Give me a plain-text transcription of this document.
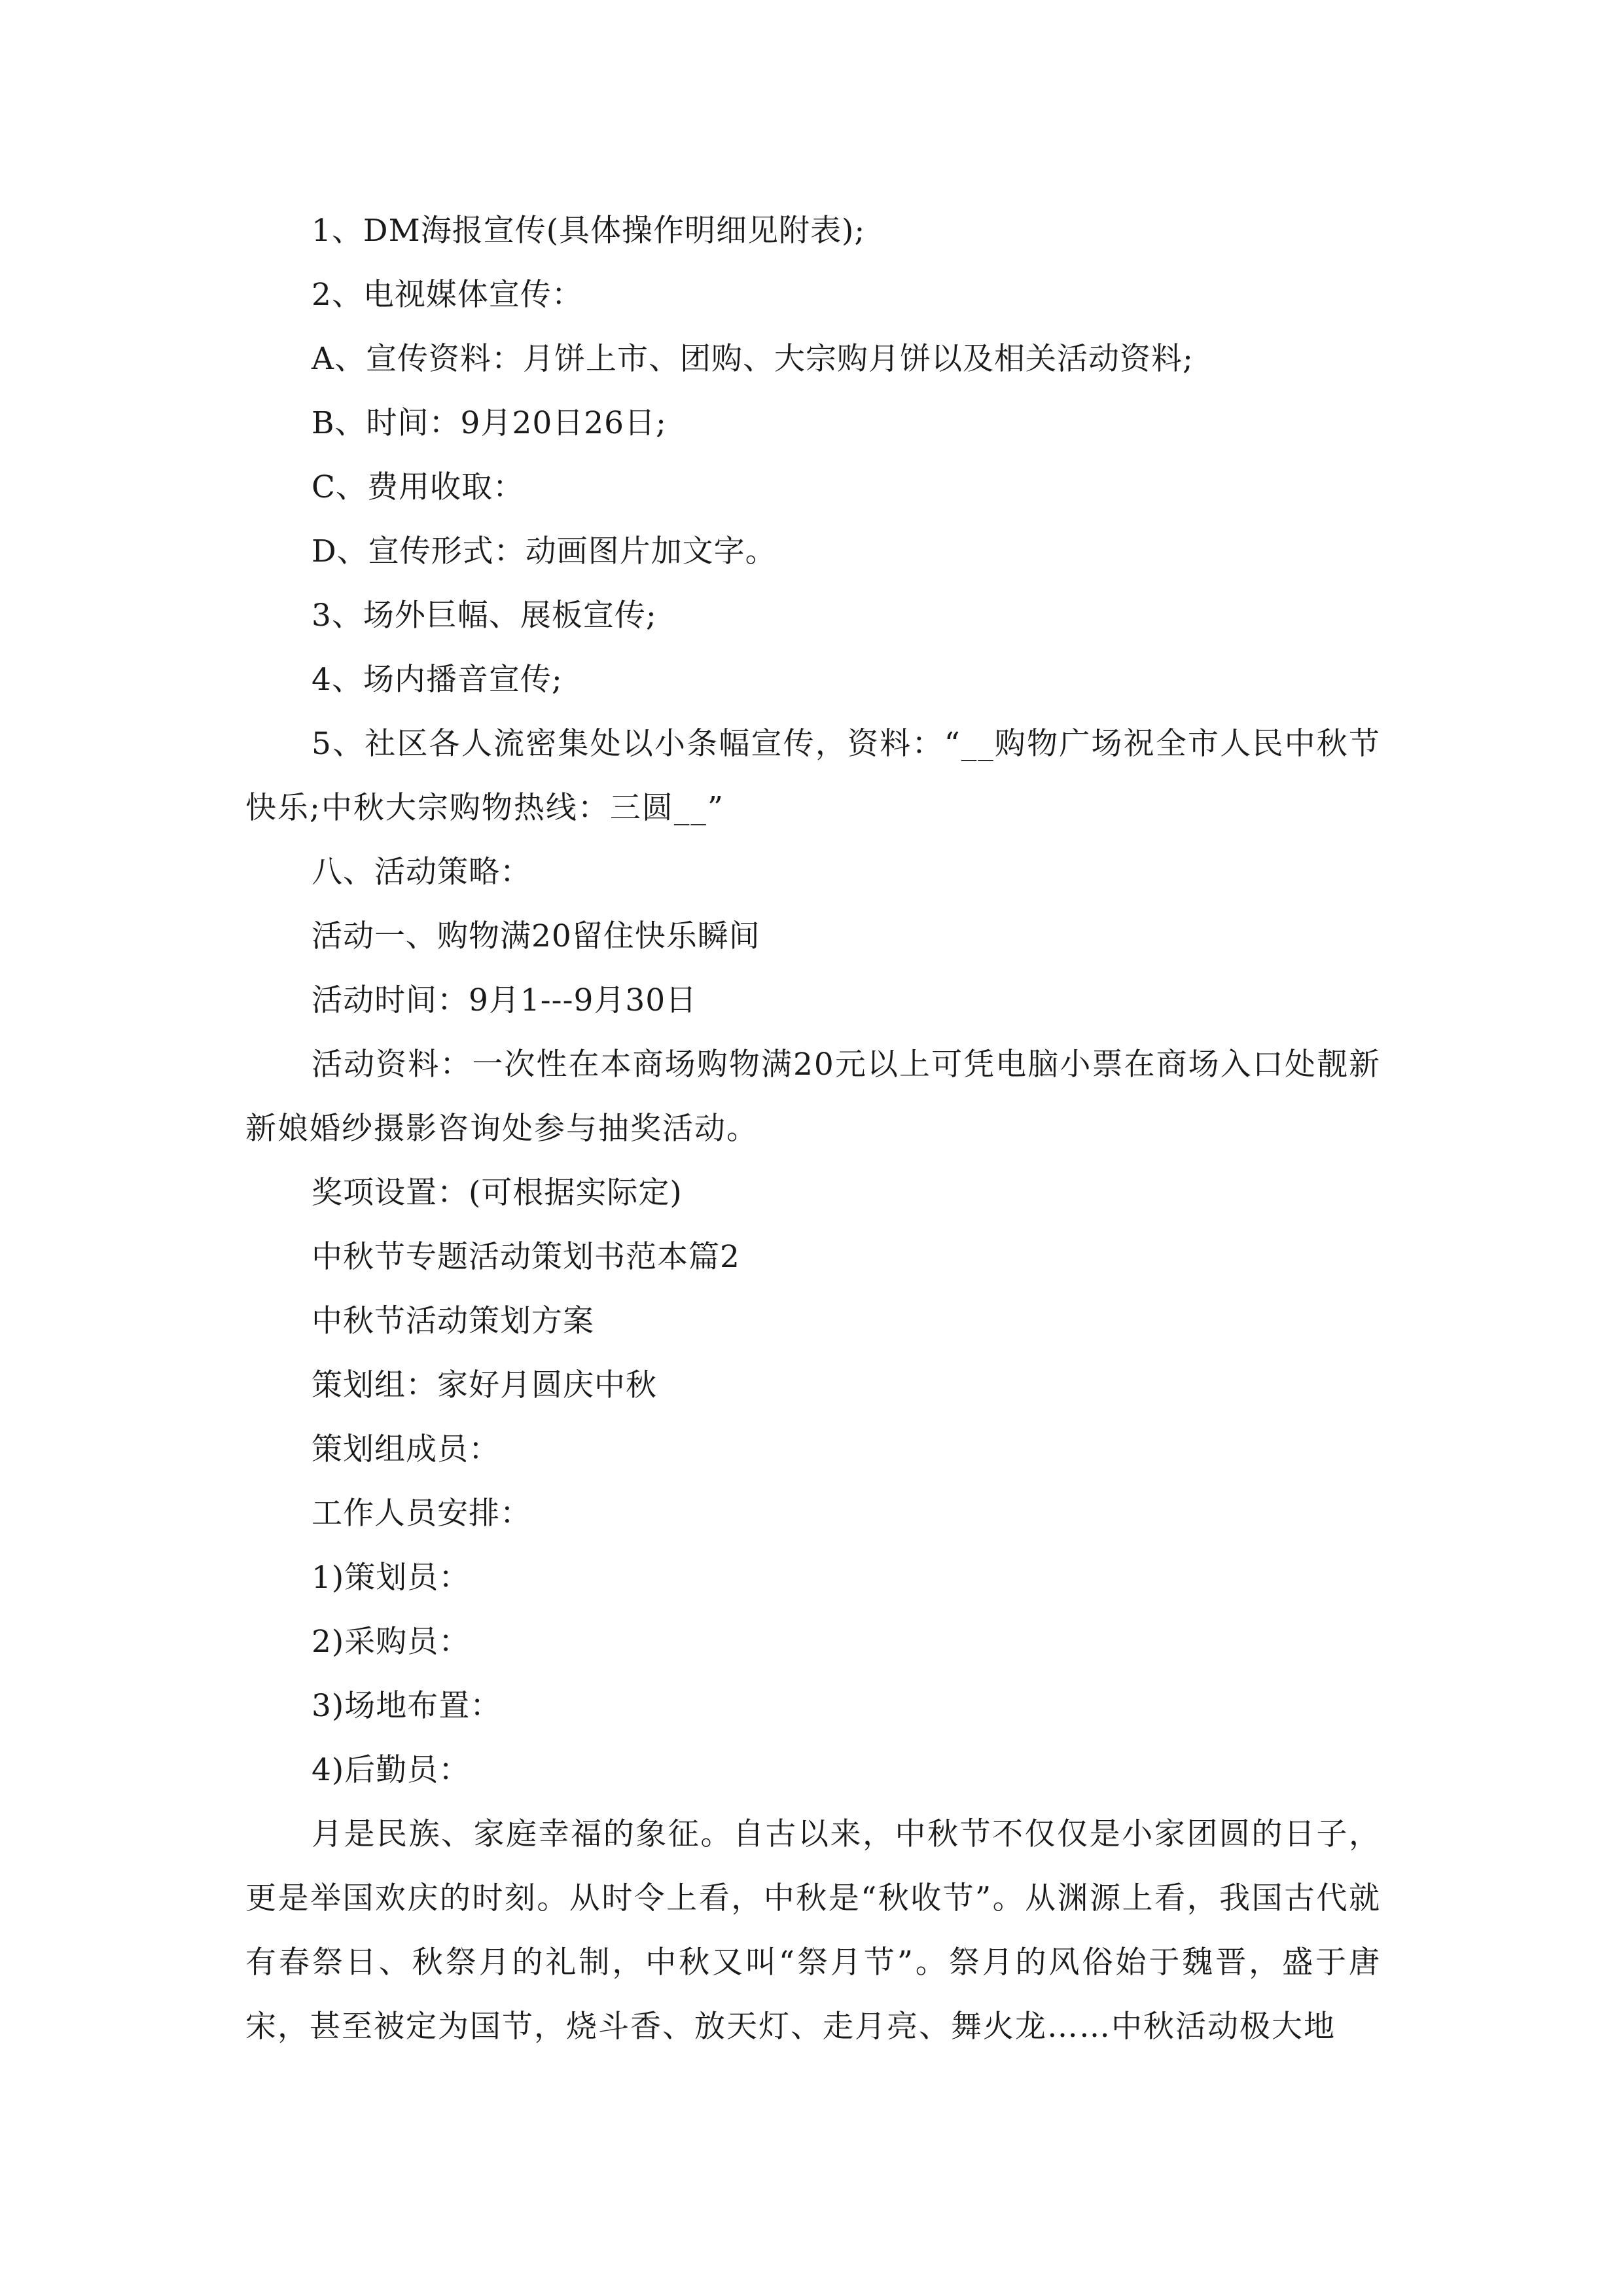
1、DM海报宣传(具体操作明细见附表);
2、电视媒体宣传：
A、宣传资料：月饼上市、团购、大宗购月饼以及相关活动资料;
B、时间：9月20日26日;
C、费用收取：
D、宣传形式：动画图片加文字。
3、场外巨幅、展板宣传;
4、场内播音宣传;
5、社区各人流密集处以小条幅宣传，资料：“__购物广场祝全市人民中秋节快乐;中秋大宗购物热线：三圆__”
八、活动策略：
活动一、购物满20留住快乐瞬间
活动时间：9月1---9月30日
活动资料：一次性在本商场购物满20元以上可凭电脑小票在商场入口处靓新新娘婚纱摄影咨询处参与抽奖活动。
奖项设置：(可根据实际定)
中秋节专题活动策划书范本篇2
中秋节活动策划方案
策划组：家好月圆庆中秋
策划组成员：
工作人员安排：
1)策划员：
2)采购员：
3)场地布置：
4)后勤员：
月是民族、家庭幸福的象征。自古以来，中秋节不仅仅是小家团圆的日子，更是举国欢庆的时刻。从时令上看，中秋是“秋收节”。从渊源上看，我国古代就有春祭日、秋祭月的礼制，中秋又叫“祭月节”。祭月的风俗始于魏晋，盛于唐宋，甚至被定为国节，烧斗香、放天灯、走月亮、舞火龙……中秋活动极大地
